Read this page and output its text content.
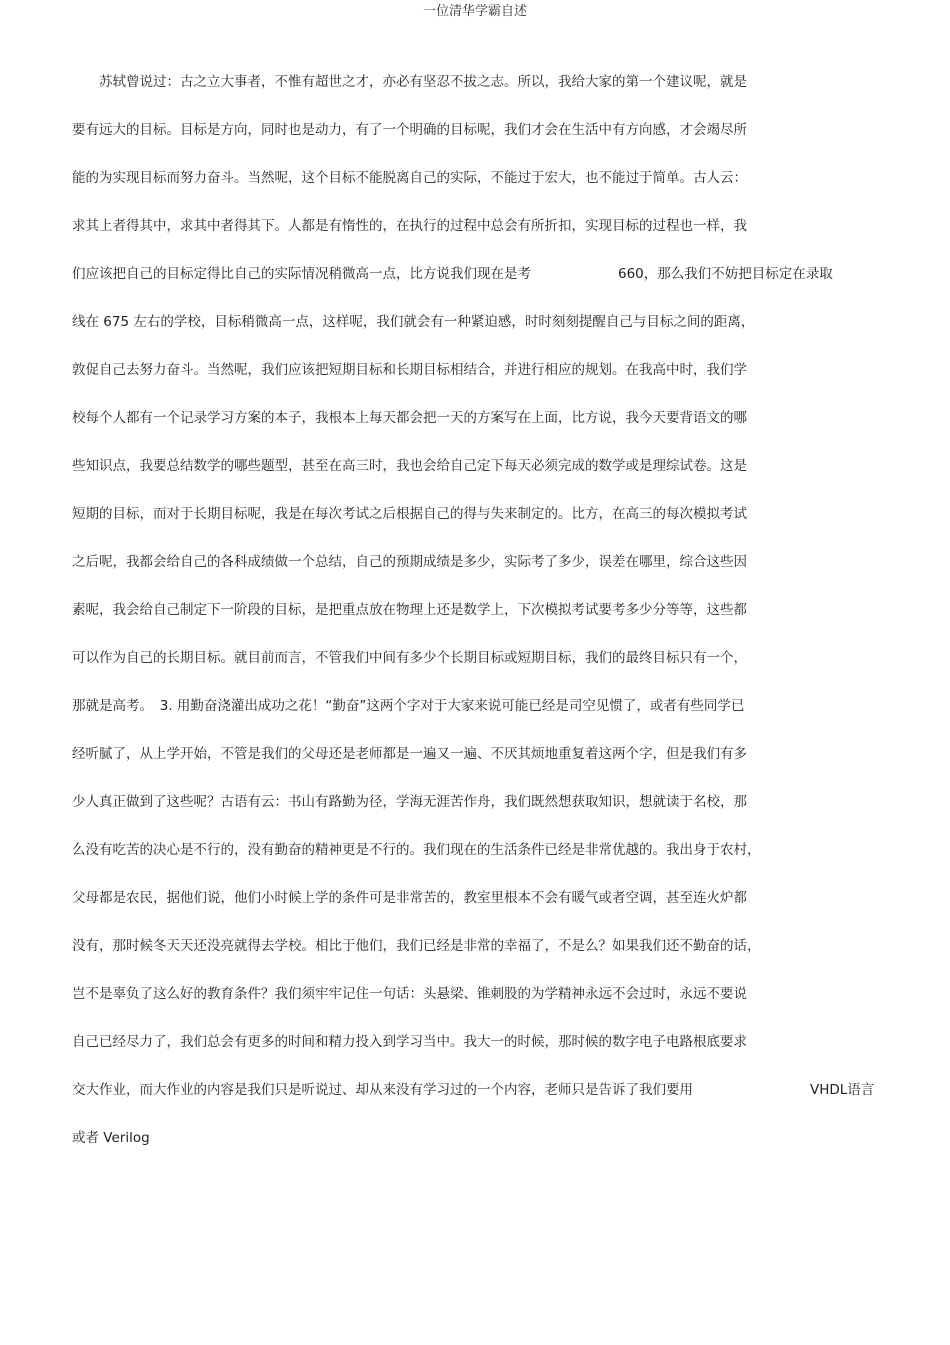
一位清华学霸自述
　　苏轼曾说过：古之立大事者，不惟有超世之才，亦必有坚忍不拔之志。所以，我给大家的第一个建议呢，就是
要有远大的目标。目标是方向，同时也是动力，有了一个明确的目标呢，我们才会在生活中有方向感，才会竭尽所
能的为实现目标而努力奋斗。当然呢，这个目标不能脱离自己的实际，不能过于宏大，也不能过于简单。古人云：
求其上者得其中，求其中者得其下。人都是有惰性的，在执行的过程中总会有所折扣，实现目标的过程也一样，我
们应该把自己的目标定得比自己的实际情况稍微高一点，比方说我们现在是考	660，那么我们不妨把目标定在录取
线在 675 左右的学校，目标稍微高一点，这样呢，我们就会有一种紧迫感，时时刻刻提醒自己与目标之间的距离，
敦促自己去努力奋斗。当然呢，我们应该把短期目标和长期目标相结合，并进行相应的规划。在我高中时，我们学
校每个人都有一个记录学习方案的本子，我根本上每天都会把一天的方案写在上面，比方说，我今天要背语文的哪
些知识点，我要总结数学的哪些题型，甚至在高三时，我也会给自己定下每天必须完成的数学或是理综试卷。这是
短期的目标，而对于长期目标呢，我是在每次考试之后根据自己的得与失来制定的。比方，在高三的每次模拟考试
之后呢，我都会给自己的各科成绩做一个总结，自己的预期成绩是多少，实际考了多少，误差在哪里，综合这些因
素呢，我会给自己制定下一阶段的目标，是把重点放在物理上还是数学上，下次模拟考试要考多少分等等，这些都
可以作为自己的长期目标。就目前而言，不管我们中间有多少个长期目标或短期目标，我们的最终目标只有一个，
那就是高考。　3. 用勤奋浇灌出成功之花！“勤奋”这两个字对于大家来说可能已经是司空见惯了，或者有些同学已
经听腻了，从上学开始，不管是我们的父母还是老师都是一遍又一遍、不厌其烦地重复着这两个字，但是我们有多
少人真正做到了这些呢？古语有云：书山有路勤为径，学海无涯苦作舟，我们既然想获取知识，想就读于名校，那
么没有吃苦的决心是不行的，没有勤奋的精神更是不行的。我们现在的生活条件已经是非常优越的。我出身于农村，
父母都是农民，据他们说，他们小时候上学的条件可是非常苦的，教室里根本不会有暖气或者空调，甚至连火炉都
没有，那时候冬天天还没亮就得去学校。相比于他们，我们已经是非常的幸福了，不是么？如果我们还不勤奋的话，
岂不是辜负了这么好的教育条件？我们须牢牢记住一句话：头悬梁、锥刺股的为学精神永远不会过时，永远不要说
自己已经尽力了，我们总会有更多的时间和精力投入到学习当中。我大一的时候，那时候的数字电子电路根底要求
交大作业，而大作业的内容是我们只是听说过、却从来没有学习过的一个内容，老师只是告诉了我们要用	VHDL语言
或者 Verilog
